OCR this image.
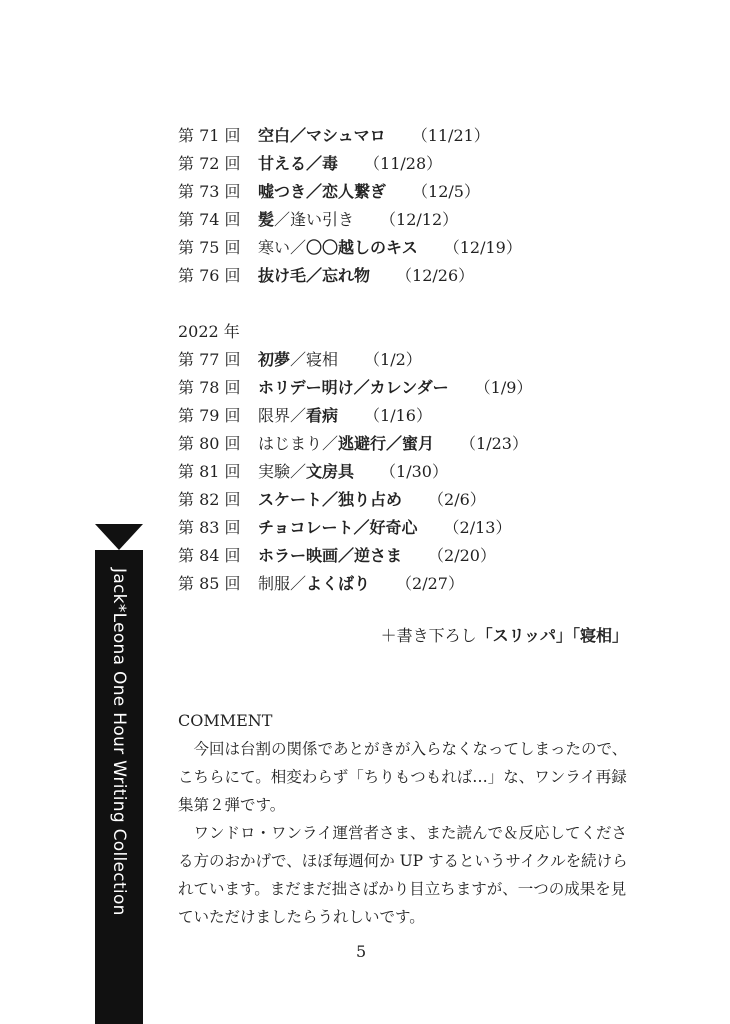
Jack*Leona One Hour Writing Collection
第 71 回 空白／マシュマロ （11/21）
第 72 回 甘える／毒 （11/28）
第 73 回 嘘つき／恋人繋ぎ （12/5）
第 74 回 髪／逢い引き （12/12）
第 75 回 寒い／〇〇越しのキス （12/19）
第 76 回 抜け毛／忘れ物 （12/26）
2022 年
第 77 回 初夢／寝相 （1/2）
第 78 回 ホリデー明け／カレンダー （1/9）
第 79 回 限界／看病 （1/16）
第 80 回 はじまり／逃避行／蜜月 （1/23）
第 81 回 実験／文房具 （1/30）
第 82 回 スケート／独り占め （2/6）
第 83 回 チョコレート／好奇心 （2/13）
第 84 回 ホラー映画／逆さま （2/20）
第 85 回 制服／よくばり （2/27）
＋書き下ろし「スリッパ」「寝相」
COMMENT

今回は台割の関係であとがきが入らなくなってしまったので、こちらにて。相変わらず「ちりもつもれば…」な、ワンライ再録集第２弾です。

ワンドロ・ワンライ運営者さま、また読んで＆反応してくださる方のおかげで、ほぼ毎週何か UP するというサイクルを続けられています。まだまだ拙さばかり目立ちますが、一つの成果を見ていただけましたらうれしいです。

5
